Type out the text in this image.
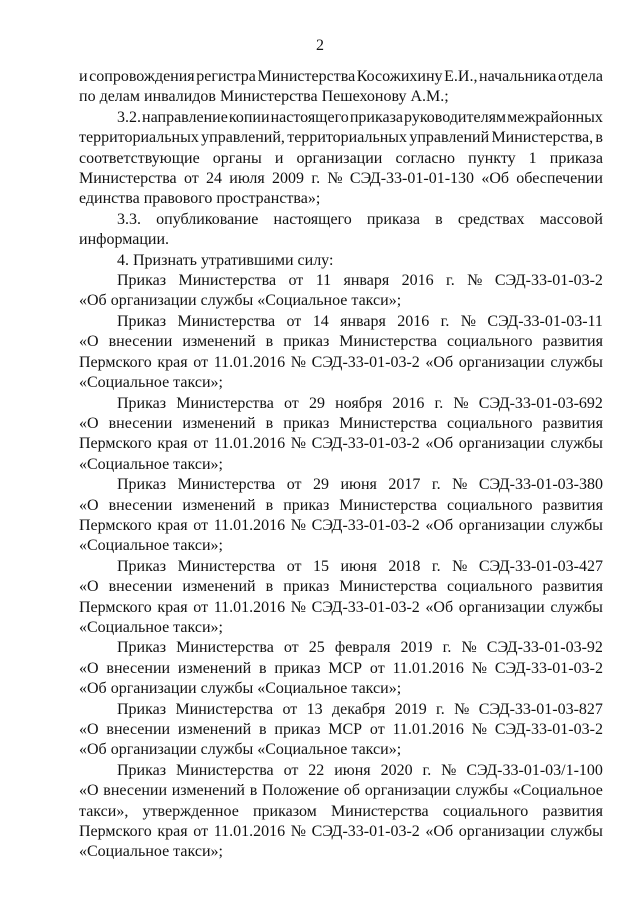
2
и сопровождения регистра Министерства Косожихину Е.И., начальника отдела
по делам инвалидов Министерства Пешехонову А.М.;
3.2. направление копии настоящего приказа руководителям межрайонных
территориальных управлений, территориальных управлений Министерства, в
соответствующие органы и организации согласно пункту 1 приказа
Министерства от 24 июля 2009 г. № СЭД-33-01-01-130 «Об обеспечении
единства правового пространства»;
3.3. опубликование настоящего приказа в средствах массовой
информации.
4. Признать утратившими силу:
Приказ Министерства от 11 января 2016 г. № СЭД-33-01-03-2
«Об организации службы «Социальное такси»;
Приказ Министерства от 14 января 2016 г. № СЭД-33-01-03-11
«О внесении изменений в приказ Министерства социального развития
Пермского края от 11.01.2016 № СЭД-33-01-03-2 «Об организации службы
«Социальное такси»;
Приказ Министерства от 29 ноября 2016 г. № СЭД-33-01-03-692
«О внесении изменений в приказ Министерства социального развития
Пермского края от 11.01.2016 № СЭД-33-01-03-2 «Об организации службы
«Социальное такси»;
Приказ Министерства от 29 июня 2017 г. № СЭД-33-01-03-380
«О внесении изменений в приказ Министерства социального развития
Пермского края от 11.01.2016 № СЭД-33-01-03-2 «Об организации службы
«Социальное такси»;
Приказ Министерства от 15 июня 2018 г. № СЭД-33-01-03-427
«О внесении изменений в приказ Министерства социального развития
Пермского края от 11.01.2016 № СЭД-33-01-03-2 «Об организации службы
«Социальное такси»;
Приказ Министерства от 25 февраля 2019 г. № СЭД-33-01-03-92
«О внесении изменений в приказ МСР от 11.01.2016 № СЭД-33-01-03-2
«Об организации службы «Социальное такси»;
Приказ Министерства от 13 декабря 2019 г. № СЭД-33-01-03-827
«О внесении изменений в приказ МСР от 11.01.2016 № СЭД-33-01-03-2
«Об организации службы «Социальное такси»;
Приказ Министерства от 22 июня 2020 г. № СЭД-33-01-03/1-100
«О внесении изменений в Положение об организации службы «Социальное
такси», утвержденное приказом Министерства социального развития
Пермского края от 11.01.2016 № СЭД-33-01-03-2 «Об организации службы
«Социальное такси»;
